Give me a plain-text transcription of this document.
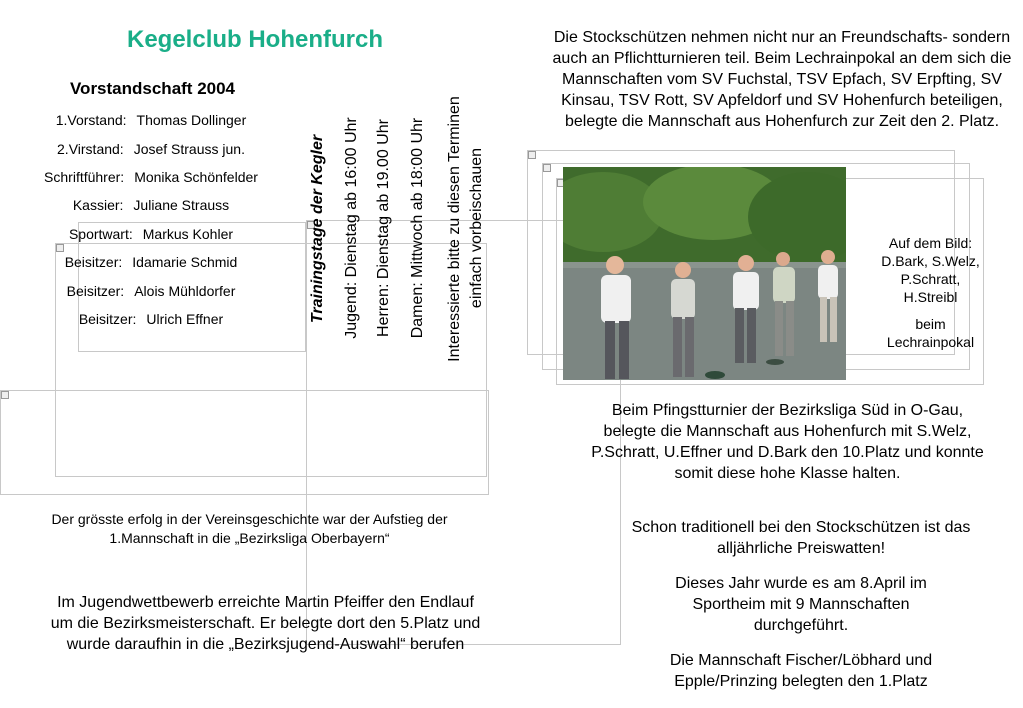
Kegelclub Hohenfurch
Vorstandschaft 2004
1.Vorstand: Thomas Dollinger
2.Virstand: Josef Strauss jun.
Schriftführer: Monika Schönfelder
Kassier: Juliane Strauss
Sportwart: Markus Kohler
Beisitzer: Idamarie Schmid
Beisitzer: Alois Mühldorfer
Beisitzer: Ulrich Effner	Trainingstage der Kegler	Jugend: Dienstag ab 16:00 Uhr Herren: Dienstag ab 19.00 Uhr	Damen: Mittwoch ab 18:00 Uhr	Interessierte bitte zu diesen Terminen einfach vorbeischauen
Die Stockschützen nehmen nicht nur an Freundschafts- sondern auch an Pflichtturnieren teil. Beim Lechrainpokal an dem sich die Mannschaften vom SV Fuchstal, TSV Epfach, SV Erpfting, SV Kinsau, TSV Rott, SV Apfeldorf und SV Hohenfurch beteiligen, belegte die Mannschaft aus Hohenfurch zur Zeit den 2. Platz.
Auf dem Bild:
D.Bark, S.Welz,
P.Schratt,
H.Streibl
beim
Lechrainpokal
Beim Pfingstturnier der Bezirksliga Süd in O-Gau, belegte die Mannschaft aus Hohenfurch mit S.Welz, P.Schratt, U.Effner und D.Bark den 10.Platz und konnte somit diese hohe Klasse halten.
Schon traditionell bei den Stockschützen ist das alljährliche Preiswatten!
Dieses Jahr wurde es am 8.April im Sportheim mit 9 Mannschaften durchgeführt.
Die Mannschaft Fischer/Löbhard und Epple/Prinzing belegten den 1.Platz
Der grösste erfolg in der Vereinsgeschichte war der Aufstieg der 1.Mannschaft in die „Bezirksliga Oberbayern“
Im Jugendwettbewerb erreichte Martin Pfeiffer den Endlauf um die Bezirksmeisterschaft. Er belegte dort den 5.Platz und wurde daraufhin in die „Bezirksjugend-Auswahl“ berufen
